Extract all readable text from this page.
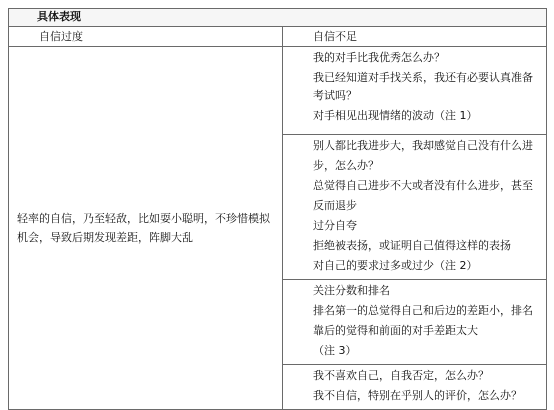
具体表现	
自信过度	自信不足
轻率的自信，乃至轻敌，比如耍小聪明，不珍惜模拟机会，导致后期发现差距，阵脚大乱	我的对手比我优秀怎么办？
我已经知道对手找关系，我还有必要认真准备考试吗？
对手相见出现情绪的波动（注 1）

	别人都比我进步大，我却感觉自己没有什么进步，怎么办？
总觉得自己进步不大或者没有什么进步，甚至反而退步
过分自夸
拒绝被表扬，或证明自己值得这样的表扬
对自己的要求过多或过少（注 2）

	关注分数和排名
排名第一的总觉得自己和后边的差距小，排名靠后的觉得和前面的对手差距太大
（注 3）

	我不喜欢自己，自我否定，怎么办？
我不自信，特别在乎别人的评价，怎么办？
